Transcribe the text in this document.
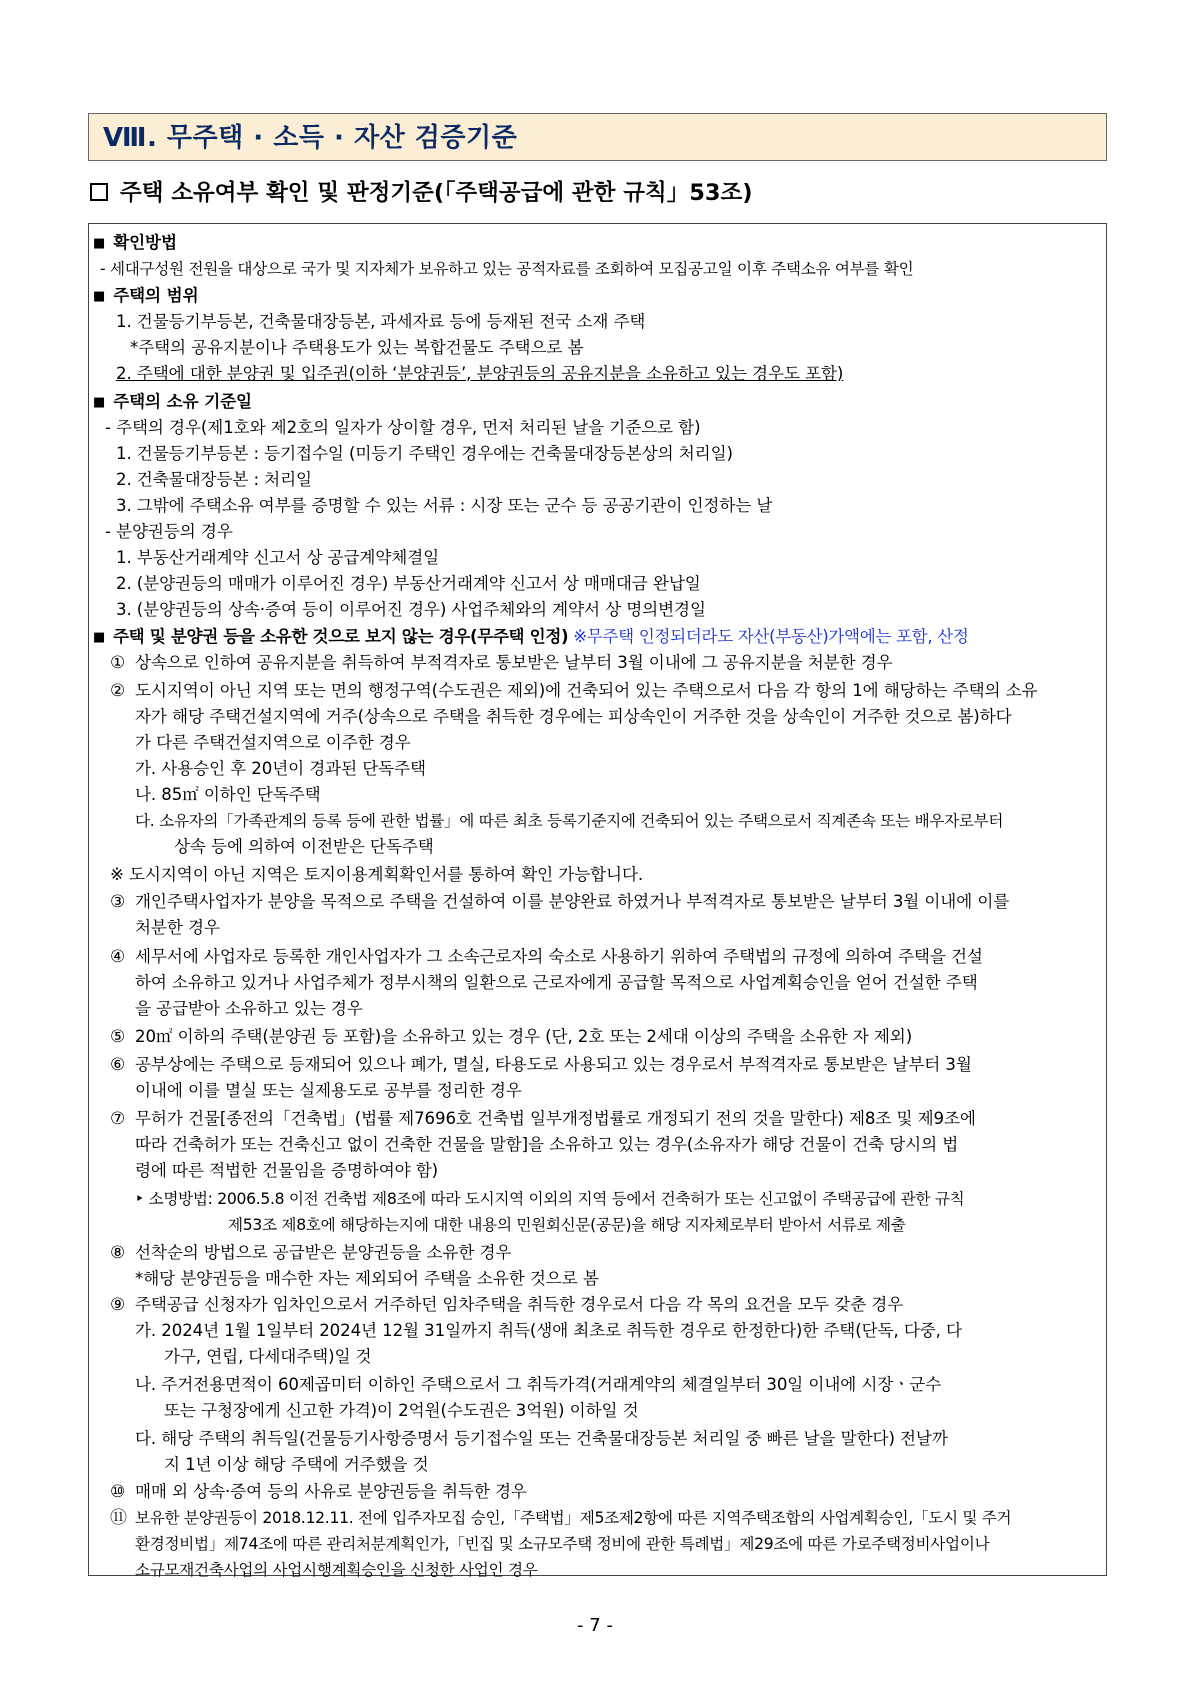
Ⅷ. 무주택 · 소득 · 자산 검증기준
주택 소유여부 확인 및 판정기준(「주택공급에 관한 규칙」53조)
■ 확인방법
- 세대구성원 전원을 대상으로 국가 및 지자체가 보유하고 있는 공적자료를 조회하여 모집공고일 이후 주택소유 여부를 확인
■ 주택의 범위
1. 건물등기부등본, 건축물대장등본, 과세자료 등에 등재된 전국 소재 주택
*주택의 공유지분이나 주택용도가 있는 복합건물도 주택으로 봄
2. 주택에 대한 분양권 및 입주권(이하 ‘분양권등’, 분양권등의 공유지분을 소유하고 있는 경우도 포함)
■ 주택의 소유 기준일
- 주택의 경우(제1호와 제2호의 일자가 상이할 경우, 먼저 처리된 날을 기준으로 함)
1. 건물등기부등본 : 등기접수일 (미등기 주택인 경우에는 건축물대장등본상의 처리일)
2. 건축물대장등본 : 처리일
3. 그밖에 주택소유 여부를 증명할 수 있는 서류 : 시장 또는 군수 등 공공기관이 인정하는 날
- 분양권등의 경우
1. 부동산거래계약 신고서 상 공급계약체결일
2. (분양권등의 매매가 이루어진 경우) 부동산거래계약 신고서 상 매매대금 완납일
3. (분양권등의 상속·증여 등이 이루어진 경우) 사업주체와의 계약서 상 명의변경일
■ 주택 및 분양권 등을 소유한 것으로 보지 않는 경우(무주택 인정) ※무주택 인정되더라도 자산(부동산)가액에는 포함, 산정
① 상속으로 인하여 공유지분을 취득하여 부적격자로 통보받은 날부터 3월 이내에 그 공유지분을 처분한 경우
② 도시지역이 아닌 지역 또는 면의 행정구역(수도권은 제외)에 건축되어 있는 주택으로서 다음 각 항의 1에 해당하는 주택의 소유
자가 해당 주택건설지역에 거주(상속으로 주택을 취득한 경우에는 피상속인이 거주한 것을 상속인이 거주한 것으로 봄)하다
가 다른 주택건설지역으로 이주한 경우
가. 사용승인 후 20년이 경과된 단독주택
나. 85㎡ 이하인 단독주택
다. 소유자의「가족관계의 등록 등에 관한 법률」에 따른 최초 등록기준지에 건축되어 있는 주택으로서 직계존속 또는 배우자로부터
상속 등에 의하여 이전받은 단독주택
※ 도시지역이 아닌 지역은 토지이용계획확인서를 통하여 확인 가능합니다.
③ 개인주택사업자가 분양을 목적으로 주택을 건설하여 이를 분양완료 하였거나 부적격자로 통보받은 날부터 3월 이내에 이를
처분한 경우
④ 세무서에 사업자로 등록한 개인사업자가 그 소속근로자의 숙소로 사용하기 위하여 주택법의 규정에 의하여 주택을 건설
하여 소유하고 있거나 사업주체가 정부시책의 일환으로 근로자에게 공급할 목적으로 사업계획승인을 얻어 건설한 주택
을 공급받아 소유하고 있는 경우
⑤ 20㎡ 이하의 주택(분양권 등 포함)을 소유하고 있는 경우 (단, 2호 또는 2세대 이상의 주택을 소유한 자 제외)
⑥ 공부상에는 주택으로 등재되어 있으나 폐가, 멸실, 타용도로 사용되고 있는 경우로서 부적격자로 통보받은 날부터 3월
이내에 이를 멸실 또는 실제용도로 공부를 정리한 경우
⑦ 무허가 건물[종전의「건축법」(법률 제7696호 건축법 일부개정법률로 개정되기 전의 것을 말한다) 제8조 및 제9조에
따라 건축허가 또는 건축신고 없이 건축한 건물을 말함]을 소유하고 있는 경우(소유자가 해당 건물이 건축 당시의 법
령에 따른 적법한 건물임을 증명하여야 함)
‣ 소명방법: 2006.5.8 이전 건축법 제8조에 따라 도시지역 이외의 지역 등에서 건축허가 또는 신고없이 주택공급에 관한 규칙
제53조 제8호에 해당하는지에 대한 내용의 민원회신문(공문)을 해당 지자체로부터 받아서 서류로 제출
⑧ 선착순의 방법으로 공급받은 분양권등을 소유한 경우
*해당 분양권등을 매수한 자는 제외되어 주택을 소유한 것으로 봄
⑨ 주택공급 신청자가 임차인으로서 거주하던 임차주택을 취득한 경우로서 다음 각 목의 요건을 모두 갖춘 경우
가. 2024년 1월 1일부터 2024년 12월 31일까지 취득(생애 최초로 취득한 경우로 한정한다)한 주택(단독, 다중, 다
가구, 연립, 다세대주택)일 것
나. 주거전용면적이 60제곱미터 이하인 주택으로서 그 취득가격(거래계약의 체결일부터 30일 이내에 시장ㆍ군수
또는 구청장에게 신고한 가격)이 2억원(수도권은 3억원) 이하일 것
다. 해당 주택의 취득일(건물등기사항증명서 등기접수일 또는 건축물대장등본 처리일 중 빠른 날을 말한다) 전날까
지 1년 이상 해당 주택에 거주했을 것
⑩ 매매 외 상속·증여 등의 사유로 분양권등을 취득한 경우
⑪ 보유한 분양권등이 2018.12.11. 전에 입주자모집 승인,「주택법」제5조제2항에 따른 지역주택조합의 사업계획승인,「도시 및 주거
환경정비법」제74조에 따른 관리처분계획인가,「빈집 및 소규모주택 정비에 관한 특례법」제29조에 따른 가로주택정비사업이나
소규모재건축사업의 사업시행계획승인을 신청한 사업인 경우
- 7 -
